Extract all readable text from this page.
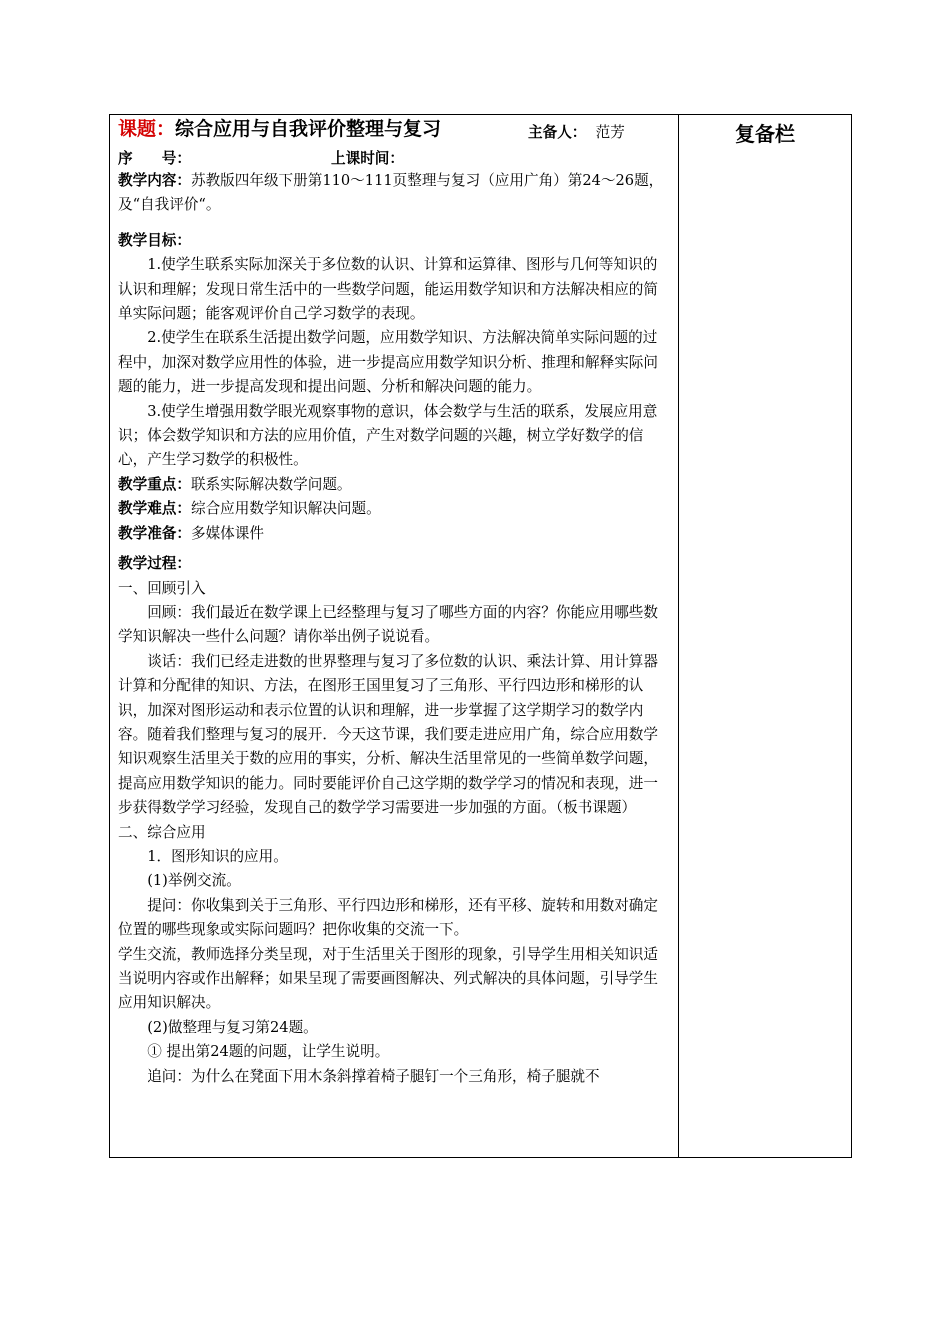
课题：综合应用与自我评价整理与复习	主备人： 范芳
序　　号：	上课时间：

教学内容：苏教版四年级下册第110～111页整理与复习（应用广角）第24～26题，及“自我评价“。

教学目标：

1.使学生联系实际加深关于多位数的认识、计算和运算律、图形与几何等知识的认识和理解；发现日常生活中的一些数学问题，能运用数学知识和方法解决相应的简单实际问题；能客观评价自己学习数学的表现。

2.使学生在联系生活提出数学问题，应用数学知识、方法解决简单实际问题的过程中，加深对数学应用性的体验，进一步提高应用数学知识分析、推理和解释实际问题的能力，进一步提高发现和提出问题、分析和解决问题的能力。

3.使学生增强用数学眼光观察事物的意识，体会数学与生活的联系，发展应用意识；体会数学知识和方法的应用价值，产生对数学问题的兴趣，树立学好数学的信心，产生学习数学的积极性。

教学重点：联系实际解决数学问题。

教学难点：综合应用数学知识解决问题。

教学准备：多媒体课件

教学过程：

一、回顾引入

回顾：我们最近在数学课上已经整理与复习了哪些方面的内容？你能应用哪些数学知识解决一些什么问题？请你举出例子说说看。

谈话：我们已经走进数的世界整理与复习了多位数的认识、乘法计算、用计算器计算和分配律的知识、方法，在图形王国里复习了三角形、平行四边形和梯形的认识，加深对图形运动和表示位置的认识和理解，进一步掌握了这学期学习的数学内容。随着我们整理与复习的展开．今天这节课，我们要走进应用广角，综合应用数学知识观察生活里关于数的应用的事实，分析、解决生活里常见的一些简单数学问题，提高应用数学知识的能力。同时要能评价自己这学期的数学学习的情况和表现，进一步获得数学学习经验，发现自己的数学学习需要进一步加强的方面。（板书课题）

二、综合应用

1．图形知识的应用。

(1)举例交流。

提问：你收集到关于三角形、平行四边形和梯形，还有平移、旋转和用数对确定位置的哪些现象或实际问题吗？把你收集的交流一下。

学生交流，教师选择分类呈现，对于生活里关于图形的现象，引导学生用相关知识适当说明内容或作出解释；如果呈现了需要画图解决、列式解决的具体问题，引导学生应用知识解决。

(2)做整理与复习第24题。

① 提出第24题的问题，让学生说明。

追问：为什么在凳面下用木条斜撑着椅子腿钉一个三角形，椅子腿就不

复备栏
